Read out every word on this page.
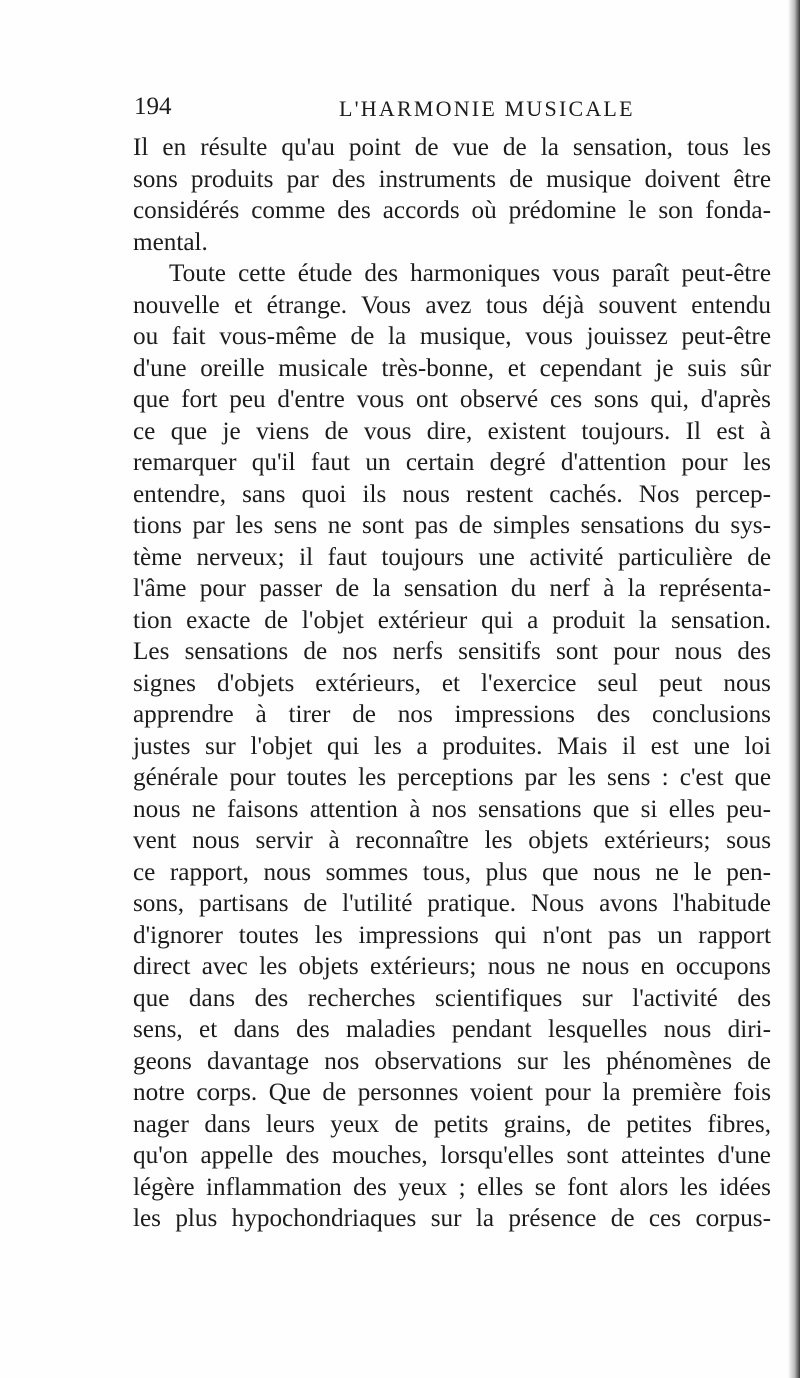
194	L'HARMONIE MUSICALE
Il en résulte qu'au point de vue de la sensation, tous les
sons produits par des instruments de musique doivent être
considérés comme des accords où prédomine le son fonda-
mental.
Toute cette étude des harmoniques vous paraît peut-être
nouvelle et étrange. Vous avez tous déjà souvent entendu
ou fait vous-même de la musique, vous jouissez peut-être
d'une oreille musicale très-bonne, et cependant je suis sûr
que fort peu d'entre vous ont observé ces sons qui, d'après
ce que je viens de vous dire, existent toujours. Il est à
remarquer qu'il faut un certain degré d'attention pour les
entendre, sans quoi ils nous restent cachés. Nos percep-
tions par les sens ne sont pas de simples sensations du sys-
tème nerveux; il faut toujours une activité particulière de
l'âme pour passer de la sensation du nerf à la représenta-
tion exacte de l'objet extérieur qui a produit la sensation.
Les sensations de nos nerfs sensitifs sont pour nous des
signes d'objets extérieurs, et l'exercice seul peut nous
apprendre à tirer de nos impressions des conclusions
justes sur l'objet qui les a produites. Mais il est une loi
générale pour toutes les perceptions par les sens : c'est que
nous ne faisons attention à nos sensations que si elles peu-
vent nous servir à reconnaître les objets extérieurs; sous
ce rapport, nous sommes tous, plus que nous ne le pen-
sons, partisans de l'utilité pratique. Nous avons l'habitude
d'ignorer toutes les impressions qui n'ont pas un rapport
direct avec les objets extérieurs; nous ne nous en occupons
que dans des recherches scientifiques sur l'activité des
sens, et dans des maladies pendant lesquelles nous diri-
geons davantage nos observations sur les phénomènes de
notre corps. Que de personnes voient pour la première fois
nager dans leurs yeux de petits grains, de petites fibres,
qu'on appelle des mouches, lorsqu'elles sont atteintes d'une
légère inflammation des yeux ; elles se font alors les idées
les plus hypochondriaques sur la présence de ces corpus-
